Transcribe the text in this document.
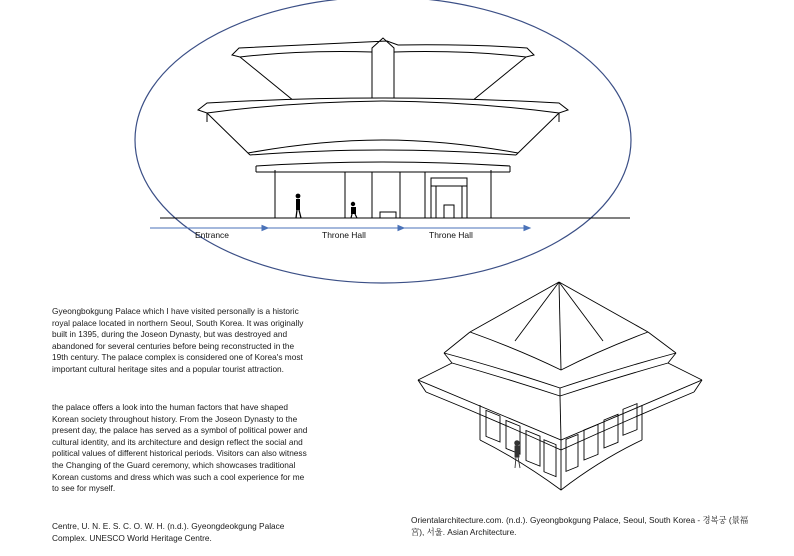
Entrance	Throne Hall	Throne Hall

Gyeongbokgung Palace which I have visited personally is a historic royal palace located in northern Seoul, South Korea. It was originally built in 1395, during the Joseon Dynasty, but was destroyed and abandoned for several centuries before being reconstructed in the 19th century. The palace complex is considered one of Korea's most important cultural heritage sites and a popular tourist attraction.

the palace offers a look into the human factors that have shaped Korean society throughout history. From the Joseon Dynasty to the present day, the palace has served as a symbol of political power and cultural identity, and its architecture and design reflect the social and political values of different historical periods. Visitors can also witness the Changing of the Guard ceremony, which showcases traditional Korean customs and dress which was such a cool experience for me to see for myself.

Centre, U. N. E. S. C. O. W. H. (n.d.). Gyeongdeokgung Palace Complex. UNESCO World Heritage Centre.
Orientalarchitecture.com. (n.d.). Gyeongbokgung Palace, Seoul, South Korea - 경복궁 (景福宮), 서울. Asian Architecture.
